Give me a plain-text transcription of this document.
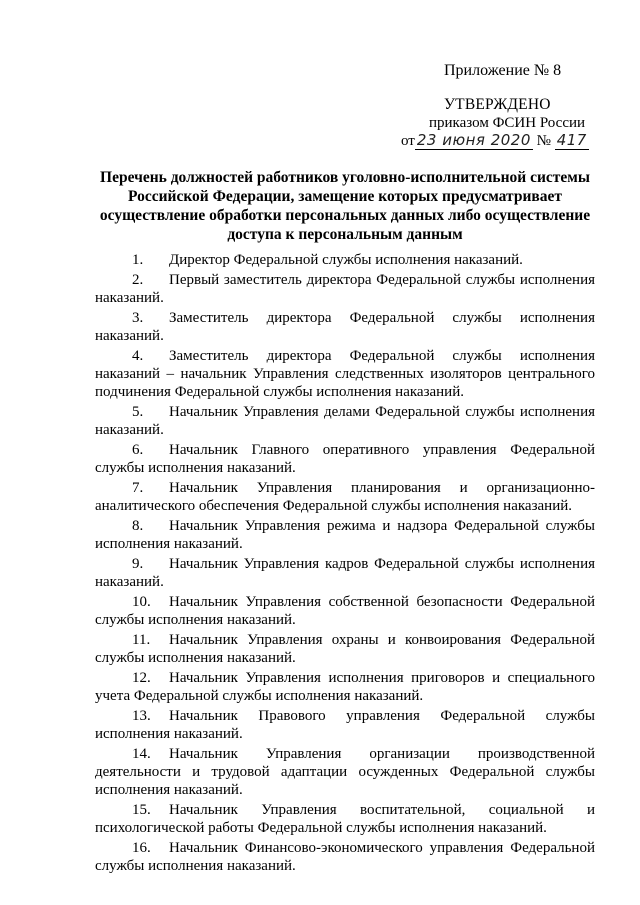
Приложение № 8
УТВЕРЖДЕНО
приказом ФСИН России
от 23 июня 2020 № 417
Перечень должностей работников уголовно-исполнительной системы Российской Федерации, замещение которых предусматривает осуществление обработки персональных данных либо осуществление доступа к персональным данным
1. Директор Федеральной службы исполнения наказаний.
2. Первый заместитель директора Федеральной службы исполнения наказаний.
3. Заместитель директора Федеральной службы исполнения наказаний.
4. Заместитель директора Федеральной службы исполнения наказаний – начальник Управления следственных изоляторов центрального подчинения Федеральной службы исполнения наказаний.
5. Начальник Управления делами Федеральной службы исполнения наказаний.
6. Начальник Главного оперативного управления Федеральной службы исполнения наказаний.
7. Начальник Управления планирования и организационно-аналитического обеспечения Федеральной службы исполнения наказаний.
8. Начальник Управления режима и надзора Федеральной службы исполнения наказаний.
9. Начальник Управления кадров Федеральной службы исполнения наказаний.
10. Начальник Управления собственной безопасности Федеральной службы исполнения наказаний.
11. Начальник Управления охраны и конвоирования Федеральной службы исполнения наказаний.
12. Начальник Управления исполнения приговоров и специального учета Федеральной службы исполнения наказаний.
13. Начальник Правового управления Федеральной службы исполнения наказаний.
14. Начальник Управления организации производственной деятельности и трудовой адаптации осужденных Федеральной службы исполнения наказаний.
15. Начальник Управления воспитательной, социальной и психологической работы Федеральной службы исполнения наказаний.
16. Начальник Финансово-экономического управления Федеральной службы исполнения наказаний.
